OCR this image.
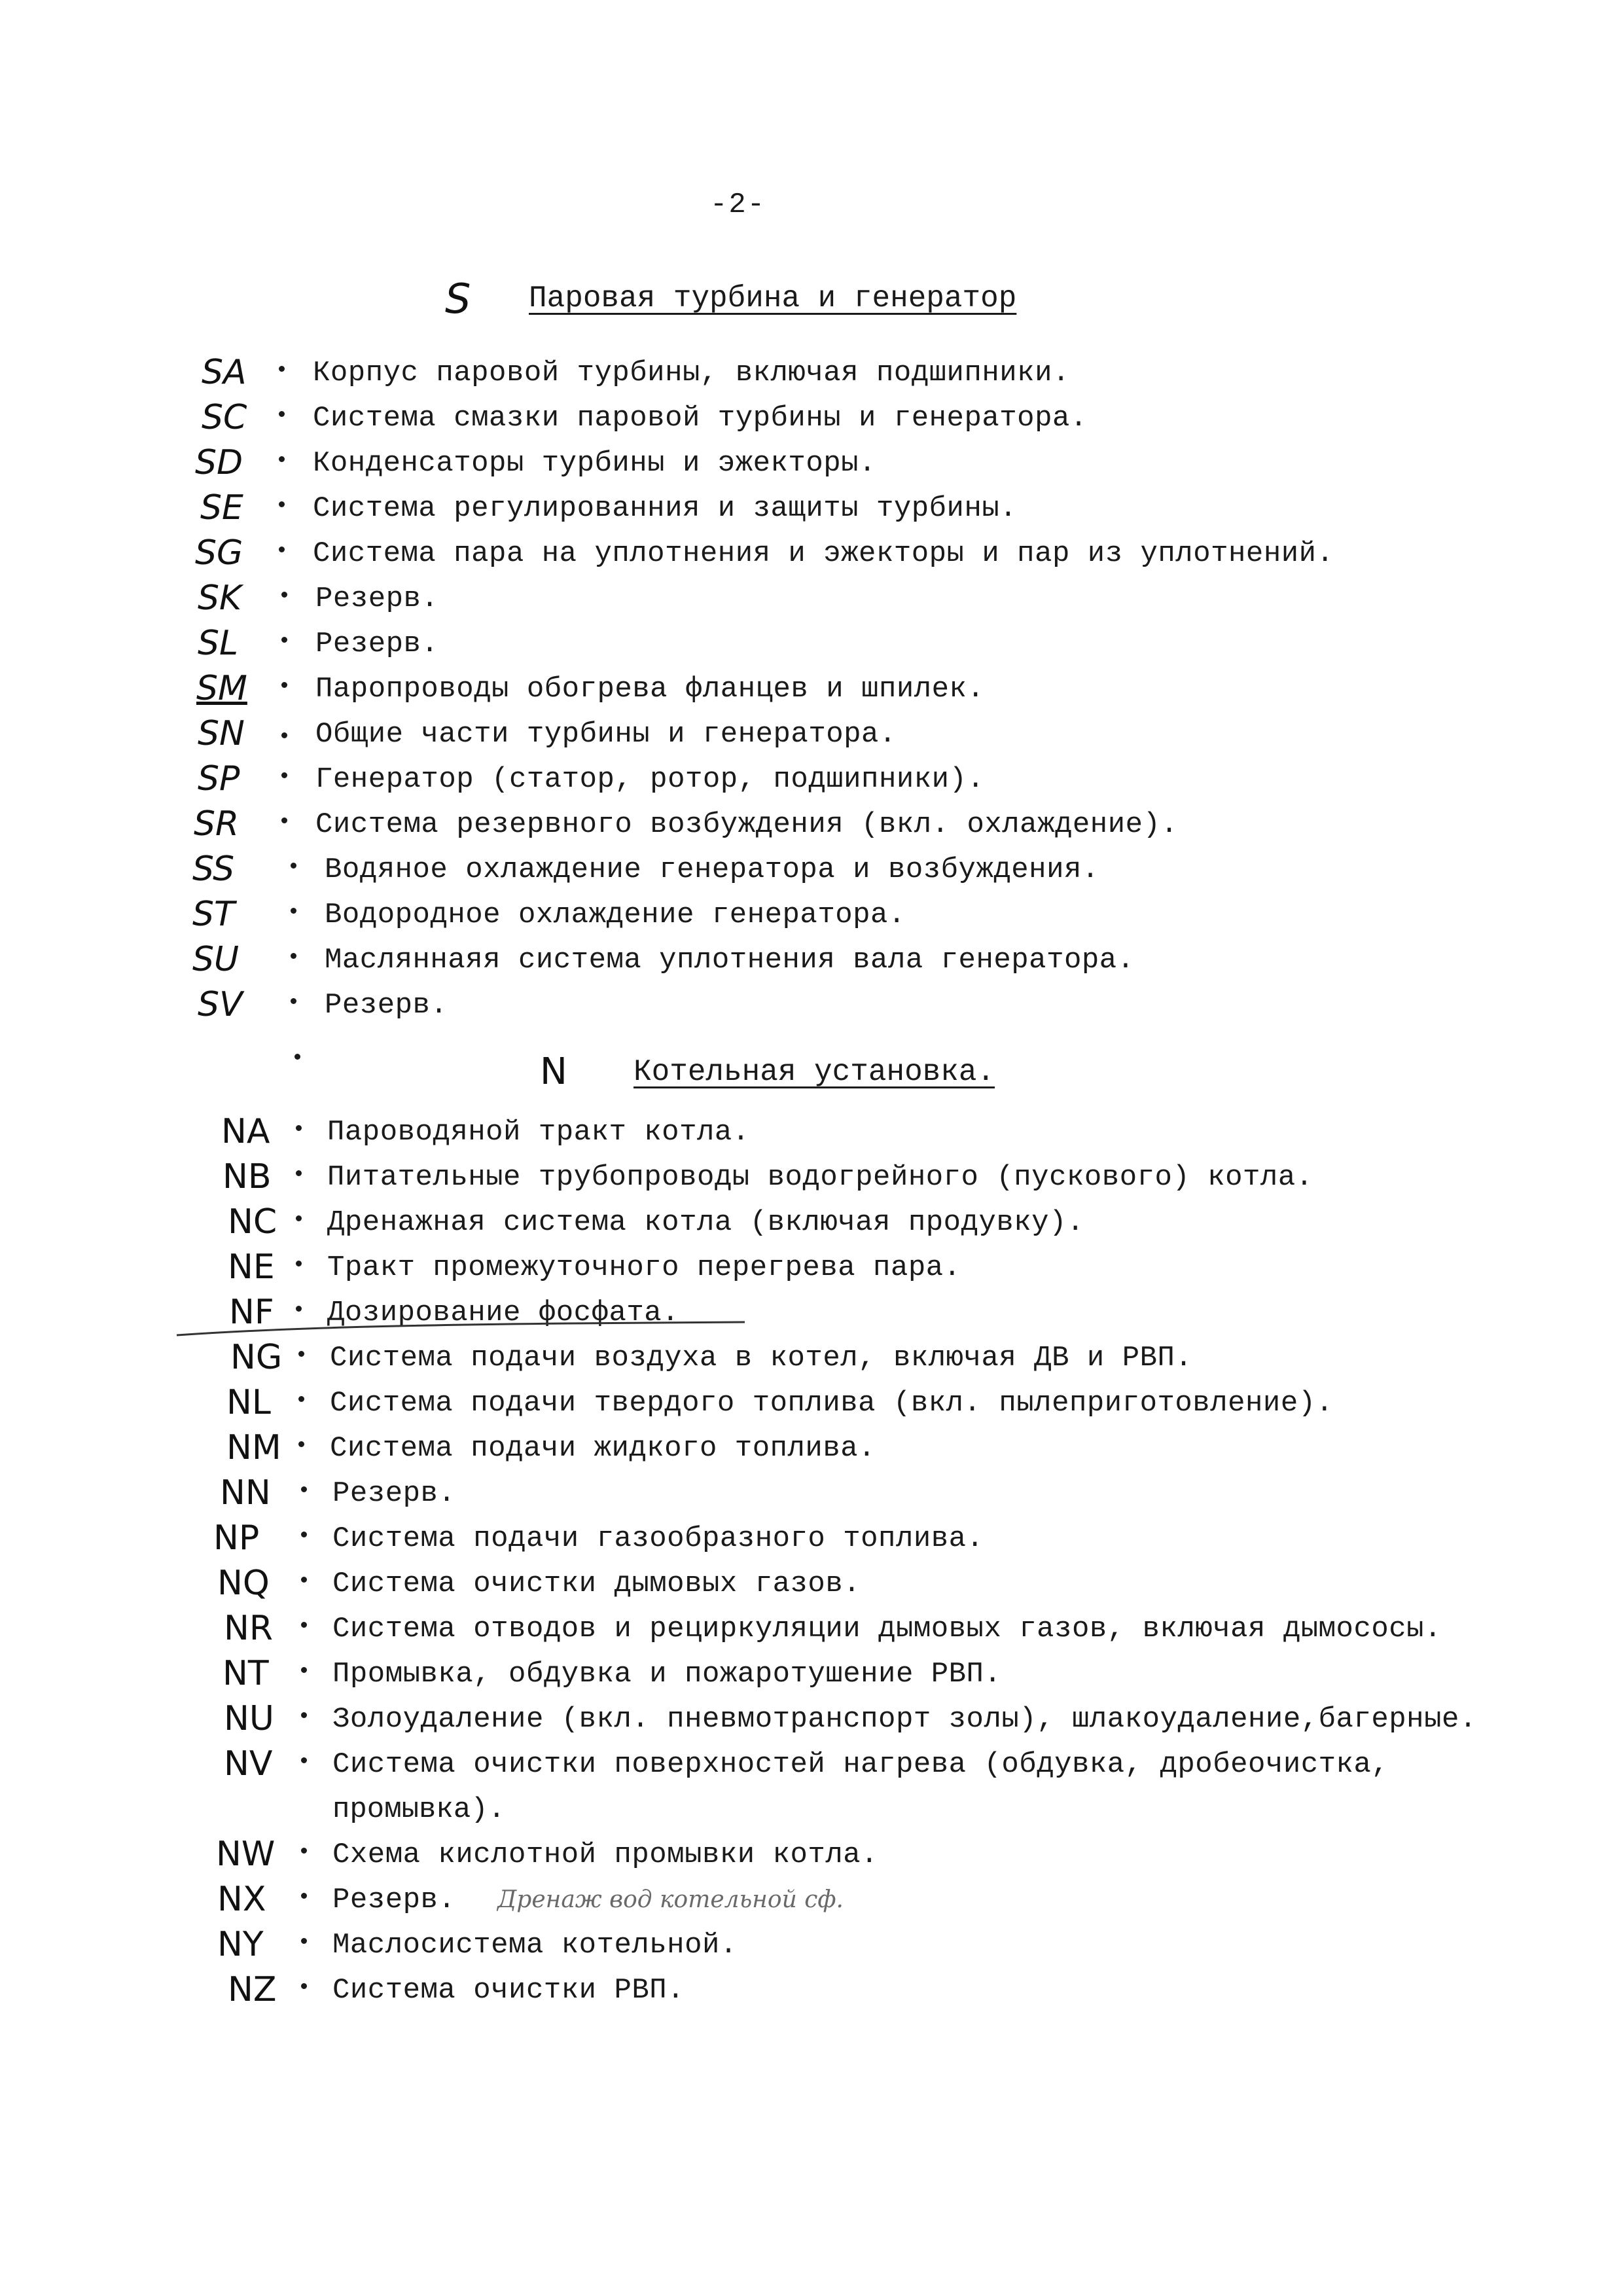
-2-
S Паровая турбина и генератор
SA Корпус паровой турбины, включая подшипники.
SC Система смазки паровой турбины и генератора.
SD Конденсаторы турбины и эжекторы.
SE Система регулированния и защиты турбины.
SG Система пара на уплотнения и эжекторы и пар из уплотнений.
SK	Резерв.
SL	Резерв.
SM Паропроводы обогрева фланцев и шпилек.
SN Общие части турбины и генератора.
SP	Генератор (статор, ротор, подшипники).
SR	Система резервного возбуждения (вкл. охлаждение).
SS	Водяное охлаждение генератора и возбуждения.
ST	Водородное охлаждение генератора.
SU	Масляннаяя система уплотнения вала генератора.
SV	Резерв.
N Котельная установка.
NA Пароводяной тракт котла.
NB Питательные трубопроводы водогрейного (пускового) котла.
NC Дренажная система котла (включая продувку).
NE Тракт промежуточного перегрева пара.
NF Дозирование фосфата.
NG Система подачи воздуха в котел, включая ДВ и РВП.
NL Система подачи твердого топлива (вкл. пылеприготовление).
NM Система подачи жидкого топлива.
NN Резерв.
NP	Система подачи газообразного топлива.
NQ Система очистки дымовых газов.
NR Система отводов и рециркуляции дымовых газов, включая дымососы.
NT Промывка, обдувка и пожаротушение РВП.
NU Золоудаление (вкл. пневмотранспорт золы), шлакоудаление,багерные.
NV Система очистки поверхностей нагрева (обдувка, дробеочистка,
промывка).
NW Схема кислотной промывки котла.
NX Резерв. Дренаж вод котельной сф.
NY Маслосистема котельной.
NZ Система очистки РВП.
